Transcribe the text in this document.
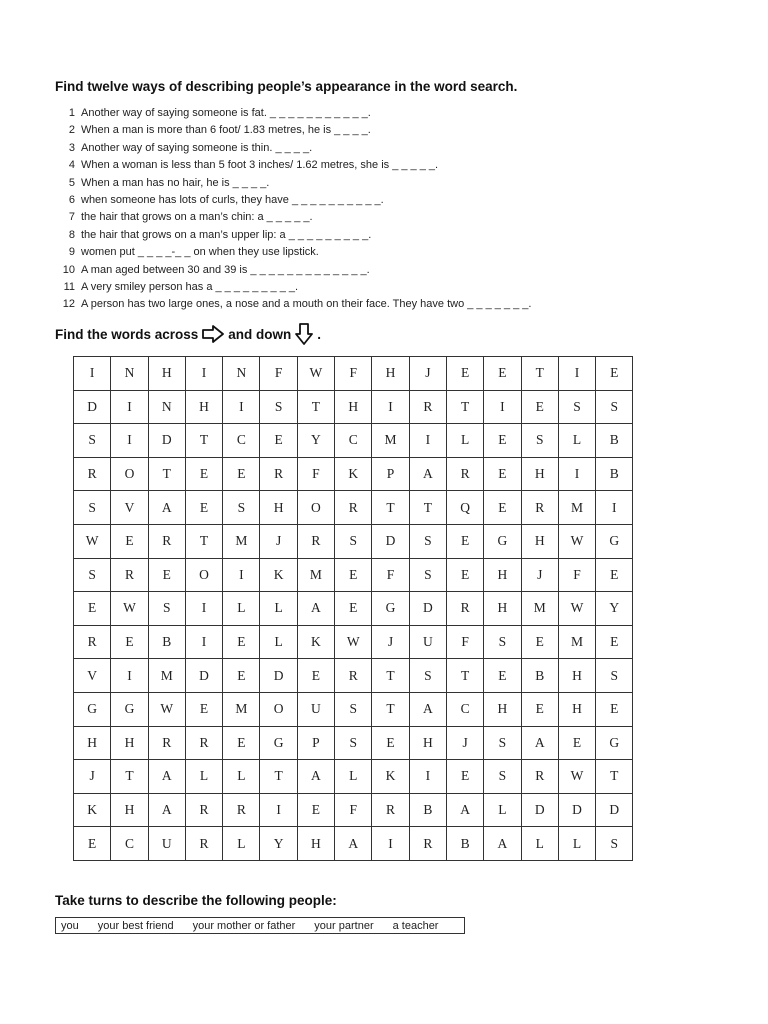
Find twelve ways of describing people’s appearance in the word search.
1 Another way of saying someone is fat. _ _ _ _ _ _ _ _ _ _ _.
2 When a man is more than 6 foot/ 1.83 metres, he is _ _ _ _.
3 Another way of saying someone is thin. _ _ _ _.
4 When a woman is less than 5 foot 3 inches/ 1.62 metres, she is _ _ _ _ _.
5 When a man has no hair, he is _ _ _ _.
6 when someone has lots of curls, they have _ _ _ _ _ _ _ _ _ _.
7 the hair that grows on a man’s chin: a _ _ _ _ _.
8 the hair that grows on a man’s upper lip: a _ _ _ _ _ _ _ _ _.
9 women put _ _ _ _-_ _ on when they use lipstick.
10 A man aged between 30 and 39 is _ _ _ _ _ _ _ _ _ _ _ _ _.
11 A very smiley person has a _ _ _ _ _ _ _ _ _.
12 A person has two large ones, a nose and a mouth on their face. They have two _ _ _ _ _ _ _.
Find the words across and down .
I	N	H	I	N	F	W	F	H	J	E	E	T	I	E
D	I	N	H	I	S	T	H	I	R	T	I	E	S	S
S	I	D	T	C	E	Y	C	M	I	L	E	S	L	B
R	O	T	E	E	R	F	K	P	A	R	E	H	I	B
S	V	A	E	S	H	O	R	T	T	Q	E	R	M	I
W	E	R	T	M	J	R	S	D	S	E	G	H	W	G
S	R	E	O	I	K	M	E	F	S	E	H	J	F	E
E	W	S	I	L	L	A	E	G	D	R	H	M	W	Y
R	E	B	I	E	L	K	W	J	U	F	S	E	M	E
V	I	M	D	E	D	E	R	T	S	T	E	B	H	S
G	G	W	E	M	O	U	S	T	A	C	H	E	H	E
H	H	R	R	E	G	P	S	E	H	J	S	A	E	G
J	T	A	L	L	T	A	L	K	I	E	S	R	W	T
K	H	A	R	R	I	E	F	R	B	A	L	D	D	D
E	C	U	R	L	Y	H	A	I	R	B	A	L	L	S
Take turns to describe the following people:
you your best friend your mother or father your partner a teacher
